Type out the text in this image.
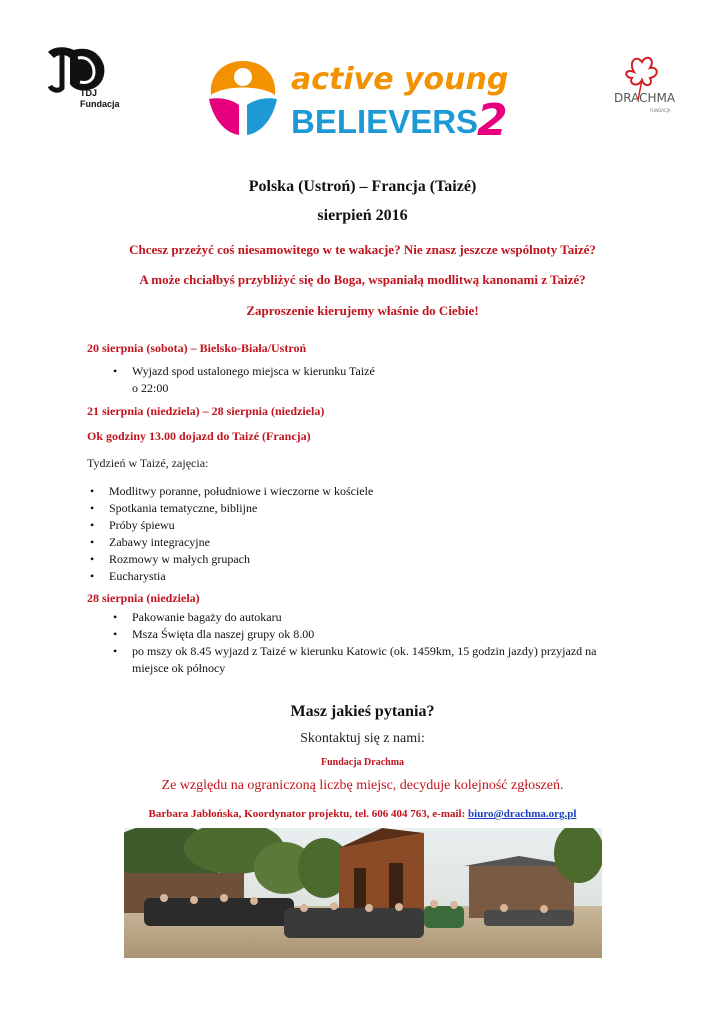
TDJ
Fundacja
active young
BELIEVERS
2	DRACHMA
FUNDACJA
Polska (Ustroń) – Francja (Taizé)
sierpień 2016
Chcesz przeżyć coś niesamowitego w te wakacje? Nie znasz jeszcze wspólnoty Taizé?
A może chciałbyś przybliżyć się do Boga, wspaniałą modlitwą kanonami z Taizé?
Zaproszenie kierujemy właśnie do Ciebie!
20 sierpnia (sobota) – Bielsko-Biała/Ustroń
• Wyjazd spod ustalonego miejsca w kierunku Taizé
o 22:00
21 sierpnia (niedziela) – 28 sierpnia (niedziela)
Ok godziny 13.00 dojazd do Taizé (Francja)
Tydzień w Taizé, zajęcia:
• Modlitwy poranne, południowe i wieczorne w kościele
• Spotkania tematyczne, biblijne
• Próby śpiewu
• Zabawy integracyjne
• Rozmowy w małych grupach
• Eucharystia
28 sierpnia (niedziela)
• Pakowanie bagaży do autokaru
• Msza Święta dla naszej grupy ok 8.00
• po mszy ok 8.45 wyjazd z Taizé w kierunku Katowic (ok. 1459km, 15 godzin jazdy) przyjazd na
miejsce ok północy
Masz jakieś pytania?
Skontaktuj się z nami:
Fundacja Drachma
Ze względu na ograniczoną liczbę miejsc, decyduje kolejność zgłoszeń.
Barbara Jabłońska, Koordynator projektu, tel. 606 404 763, e-mail: biuro@drachma.org.pl
